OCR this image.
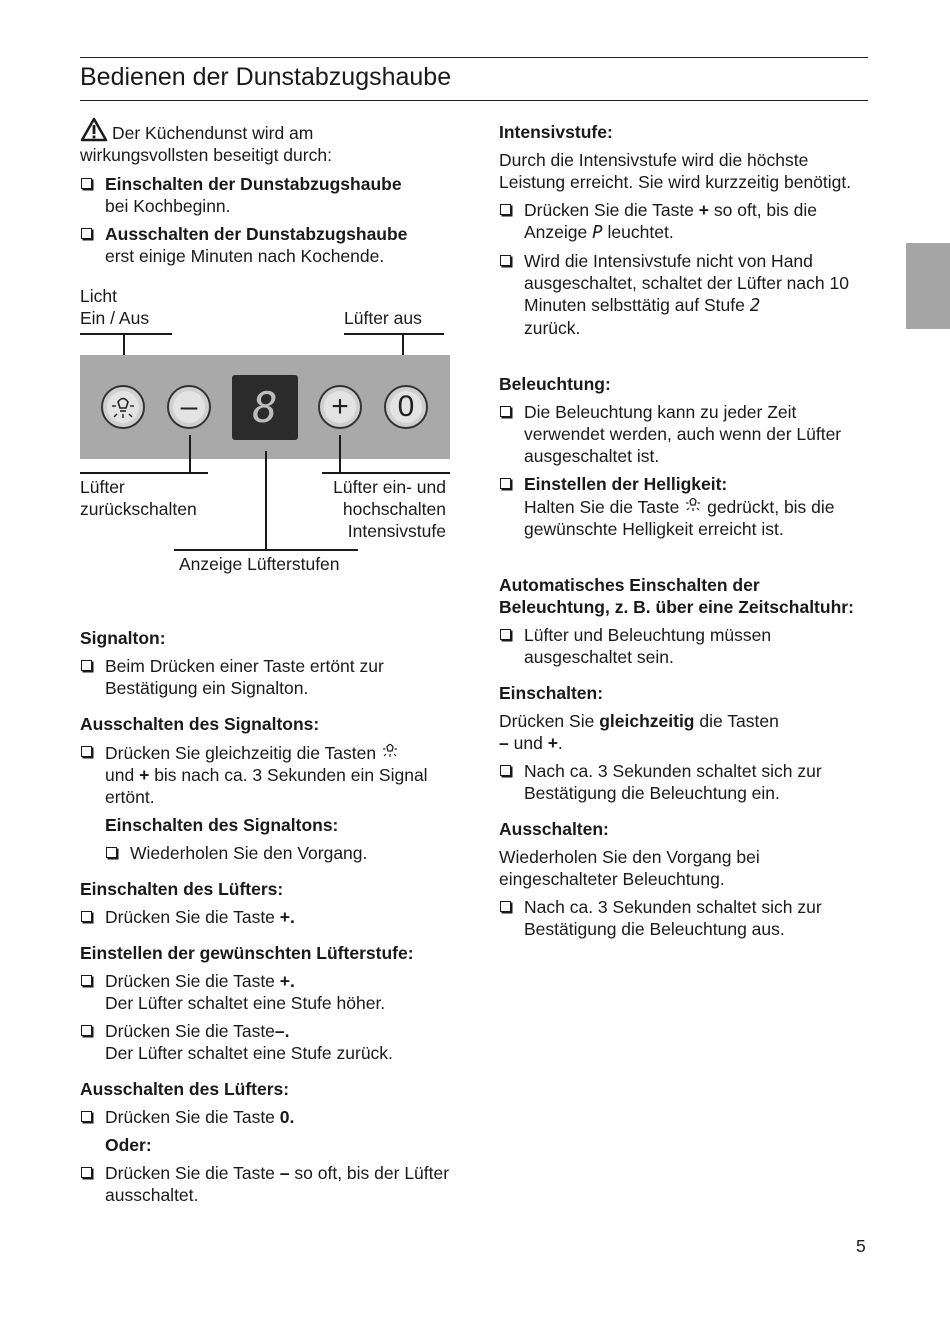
Bedienen der Dunstabzugshaube

Der Küchendunst wird am

wirkungsvollsten beseitigt durch:

Einschalten der Dunstabzugshaube
bei Kochbeginn.
Ausschalten der Dunstabzugshaube
erst einige Minuten nach Kochende.
Licht
Ein / Aus	Lüfter aus
–	8	+	0
Lüfter
zurückschalten
Lüfter ein- und
hochschalten
Intensivstufe
Anzeige Lüfterstufen

Signalton:

Beim Drücken einer Taste ertönt zur Bestätigung ein Signalton.

Ausschalten des Signaltons:

Drücken Sie gleichzeitig die Tasten
und + bis nach ca. 3 Sekunden ein Signal ertönt.

Einschalten des Signaltons:

Wiederholen Sie den Vorgang.

Einschalten des Lüfters:

Drücken Sie die Taste +.

Einstellen der gewünschten Lüfterstufe:

Drücken Sie die Taste +.
Der Lüfter schaltet eine Stufe höher.
Drücken Sie die Taste–.
Der Lüfter schaltet eine Stufe zurück.

Ausschalten des Lüfters:

Drücken Sie die Taste 0.

Oder:

Drücken Sie die Taste – so oft, bis der Lüfter ausschaltet.

Intensivstufe:

Durch die Intensivstufe wird die höchste Leistung erreicht. Sie wird kurzzeitig benötigt.

Drücken Sie die Taste + so oft, bis die Anzeige P leuchtet.
Wird die Intensivstufe nicht von Hand ausgeschaltet, schaltet der Lüfter nach 10 Minuten selbsttätig auf Stufe 2
zurück.

Beleuchtung:

Die Beleuchtung kann zu jeder Zeit verwendet werden, auch wenn der Lüfter ausgeschaltet ist.
Einstellen der Helligkeit:
Halten Sie die Taste gedrückt, bis die gewünschte Helligkeit erreicht ist.

Automatisches Einschalten der Beleuchtung, z. B. über eine Zeitschaltuhr:

Lüfter und Beleuchtung müssen ausgeschaltet sein.

Einschalten:

Drücken Sie gleichzeitig die Tasten
– und +.

Nach ca. 3 Sekunden schaltet sich zur Bestätigung die Beleuchtung ein.

Ausschalten:

Wiederholen Sie den Vorgang bei eingeschalteter Beleuchtung.

Nach ca. 3 Sekunden schaltet sich zur Bestätigung die Beleuchtung aus.
5
